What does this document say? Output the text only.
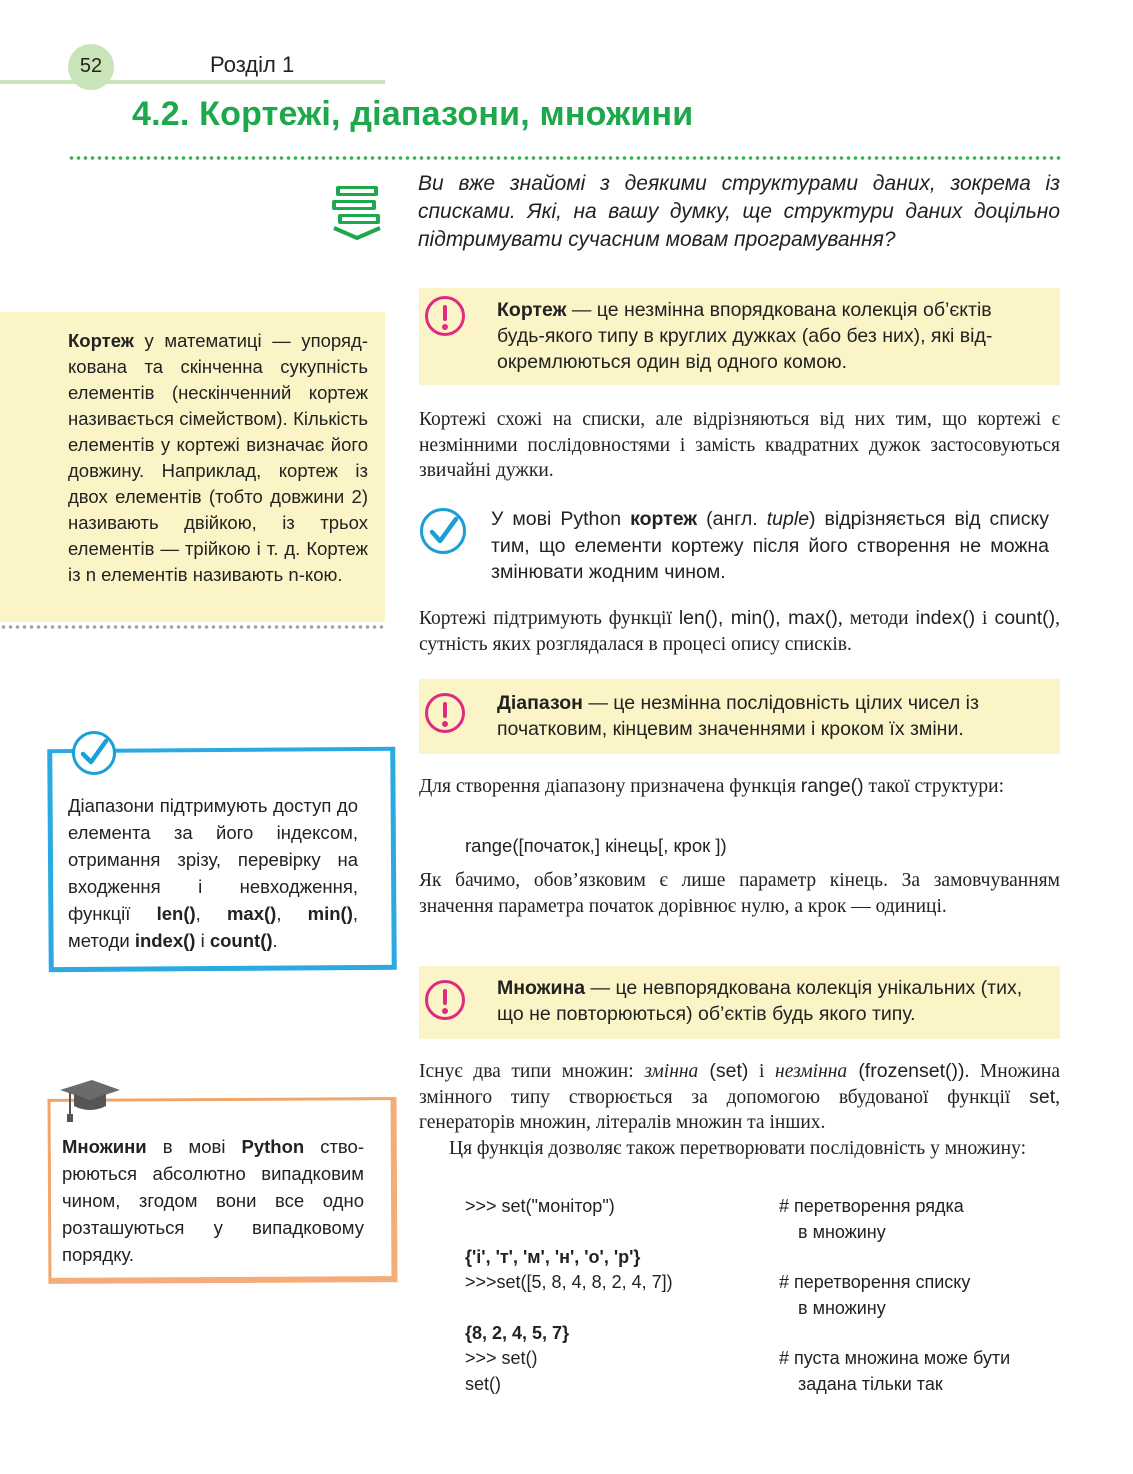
52	Розділ 1
4.2. Кортежі, діапазони, множини
Ви вже знайомі з деякими структурами даних, зокрема із списками. Які, на вашу думку, ще структури даних доцільно підтримувати сучасним мовам програмування?
Кортеж — це незмінна впорядкована колекція об’єктів будь-якого типу в круглих дужках (або без них), які відокремлюються один від одного комою.
Кортежі схожі на списки, але відрізняються від них тим, що кортежі є незмінними послідовностями і замість квадратних дужок застосовуються звичайні дужки.
У мові Python кортеж (англ. tuple) відрізняється від списку тим, що елементи кортежу після його створення не можна змінювати жодним чином.
Кортежі підтримують функції len(), min(), max(), методи index() і count(), сутність яких розглядалася в процесі опису списків.
Діапазон — це незмінна послідовність цілих чисел із початковим, кінцевим значеннями і кроком їх зміни.
Для створення діапазону призначена функція range() такої структури:
range([початок,] кінець[, крок ])
Як бачимо, обов’язковим є лише параметр кінець. За замовчуванням значення параметра початок дорівнює нулю, а крок — одиниці.
Множина — це невпорядкована колекція унікальних (тих, що не повторюються) об’єктів будь якого типу.
Існує два типи множин: змінна (set) і незмінна (frozenset()). Множина змінного типу створюється за допомогою вбудованої функції set, генераторів множин, літералів множин та інших.
Ця функція дозволяє також перетворювати послідовність у множину:
>>> set("монітор")	# перетворення рядка
в множину
{'і', 'т', 'м', 'н', 'о', 'р'}
>>>set([5, 8, 4, 8, 2, 4, 7])	# перетворення списку
в множину
{8, 2, 4, 5, 7}
>>> set()	# пуста множина може бути
задана тільки так
set()
Кортеж у математиці — упорядкована та скінченна сукупність елементів (нескінченний кортеж називається сімейством). Кількість елементів у кортежі визначає його довжину. Наприклад, кортеж із двох елементів (тобто довжини 2) називають двійкою, із трьох елементів — трійкою і т. д. Кортеж із n елементів називають n-кою.
Діапазони підтримують доступ до елемента за його індексом, отримання зрізу, перевірку на входження і невходження, функції len(), max(), min(), методи index() і count().
Множини в мові Python створюються абсолютно випадковим чином, згодом вони все одно розташуються у випадковому порядку.
